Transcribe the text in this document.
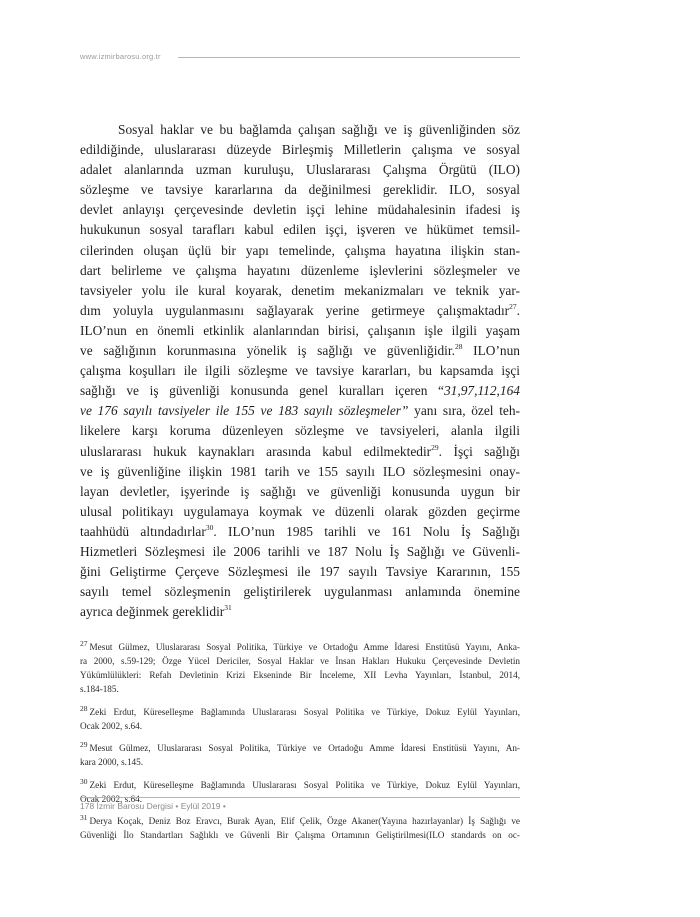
www.izmirbarosu.org.tr
Sosyal haklar ve bu bağlamda çalışan sağlığı ve iş güvenliğinden söz
edildiğinde, uluslararası düzeyde Birleşmiş Milletlerin çalışma ve sosyal
adalet alanlarında uzman kuruluşu, Uluslararası Çalışma Örgütü (ILO)
sözleşme ve tavsiye kararlarına da değinilmesi gereklidir. ILO, sosyal
devlet anlayışı çerçevesinde devletin işçi lehine müdahalesinin ifadesi iş
hukukunun sosyal tarafları kabul edilen işçi, işveren ve hükümet temsil-
cilerinden oluşan üçlü bir yapı temelinde, çalışma hayatına ilişkin stan-
dart belirleme ve çalışma hayatını düzenleme işlevlerini sözleşmeler ve
tavsiyeler yolu ile kural koyarak, denetim mekanizmaları ve teknik yar-
dım yoluyla uygulanmasını sağlayarak yerine getirmeye çalışmaktadır$^{27}$.
ILO’nun en önemli etkinlik alanlarından birisi, çalışanın işle ilgili yaşam
ve sağlığının korunmasına yönelik iş sağlığı ve güvenliğidir.$^{28}$ ILO’nun
çalışma koşulları ile ilgili sözleşme ve tavsiye kararları, bu kapsamda işçi
sağlığı ve iş güvenliği konusunda genel kuralları içeren “31,97,112,164
ve 176 sayılı tavsiyeler ile 155 ve 183 sayılı sözleşmeler” yanı sıra, özel teh-
likelere karşı koruma düzenleyen sözleşme ve tavsiyeleri, alanla ilgili
uluslararası hukuk kaynakları arasında kabul edilmektedir$^{29}$. İşçi sağlığı
ve iş güvenliğine ilişkin 1981 tarih ve 155 sayılı ILO sözleşmesini onay-
layan devletler, işyerinde iş sağlığı ve güvenliği konusunda uygun bir
ulusal politikayı uygulamaya koymak ve düzenli olarak gözden geçirme
taahhüdü altındadırlar$^{30}$. ILO’nun 1985 tarihli ve 161 Nolu İş Sağlığı
Hizmetleri Sözleşmesi ile 2006 tarihli ve 187 Nolu İş Sağlığı ve Güvenli-
ğini Geliştirme Çerçeve Sözleşmesi ile 197 sayılı Tavsiye Kararının, 155
sayılı temel sözleşmenin geliştirilerek uygulanması anlamında önemine
ayrıca değinmek gereklidir$^{31}$
$^{27}$ Mesut Gülmez, Uluslararası Sosyal Politika, Türkiye ve Ortadoğu Amme İdaresi Enstitüsü Yayını, Anka-
ra 2000, s.59-129; Özge Yücel Dericiler, Sosyal Haklar ve İnsan Hakları Hukuku Çerçevesinde Devletin
Yükümlülükleri: Refah Devletinin Krizi Ekseninde Bir İnceleme, XII Levha Yayınları, İstanbul, 2014,
s.184-185.
$^{28}$ Zeki Erdut, Küreselleşme Bağlamında Uluslararası Sosyal Politika ve Türkiye, Dokuz Eylül Yayınları,
Ocak 2002, s.64.
$^{29}$ Mesut Gülmez, Uluslararası Sosyal Politika, Türkiye ve Ortadoğu Amme İdaresi Enstitüsü Yayını, An-
kara 2000, s.145.
$^{30}$ Zeki Erdut, Küreselleşme Bağlamında Uluslararası Sosyal Politika ve Türkiye, Dokuz Eylül Yayınları,
Ocak 2002, s.64.
$^{31}$ Derya Koçak, Deniz Boz Eravcı, Burak Ayan, Elif Çelik, Özge Akaner(Yayına hazırlayanlar) İş Sağlığı ve
Güvenliği İlo Standartları Sağlıklı ve Güvenli Bir Çalışma Ortamının Geliştirilmesi(ILO standards on oc-
178 İzmir Barosu Dergisi • Eylül 2019 •
